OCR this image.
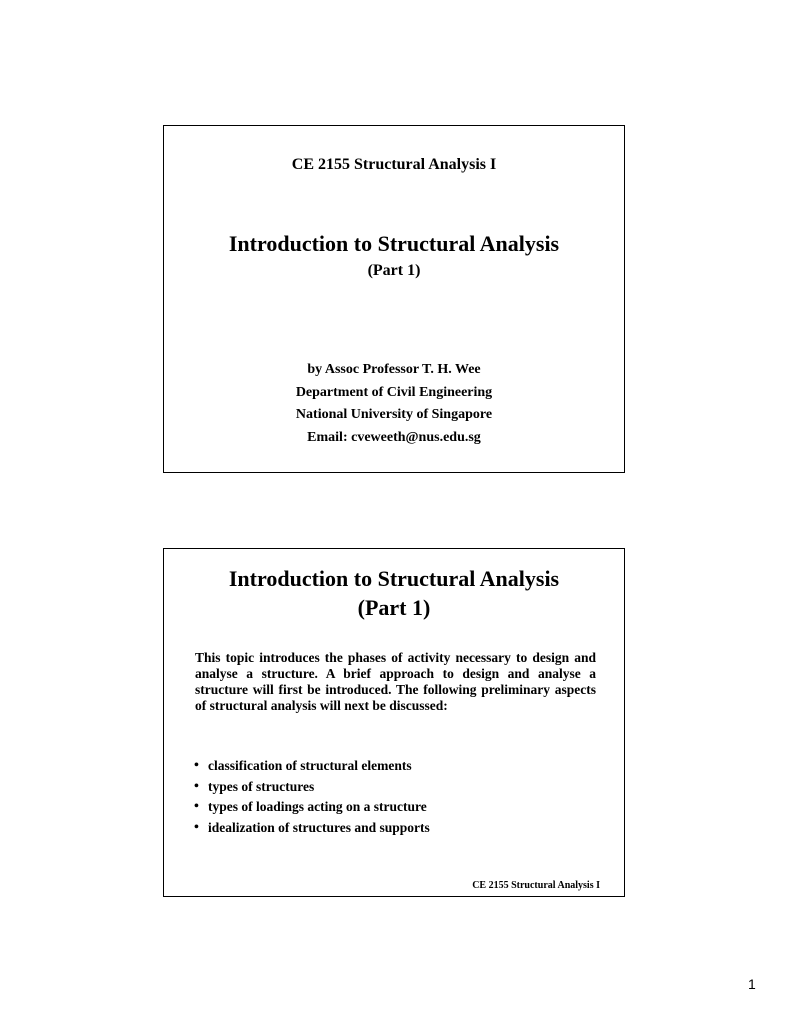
CE 2155 Structural Analysis I
Introduction to Structural Analysis
(Part 1)
by Assoc Professor T. H. Wee
Department of Civil Engineering
National University of Singapore
Email: cveweeth@nus.edu.sg
Introduction to Structural Analysis
(Part 1)
This topic introduces the phases of activity necessary to design and analyse a structure. A brief approach to design and analyse a structure will first be introduced. The following preliminary aspects of structural analysis will next be discussed:
• classification of structural elements
• types of structures
• types of loadings acting on a structure
• idealization of structures and supports
CE 2155 Structural Analysis I
1
